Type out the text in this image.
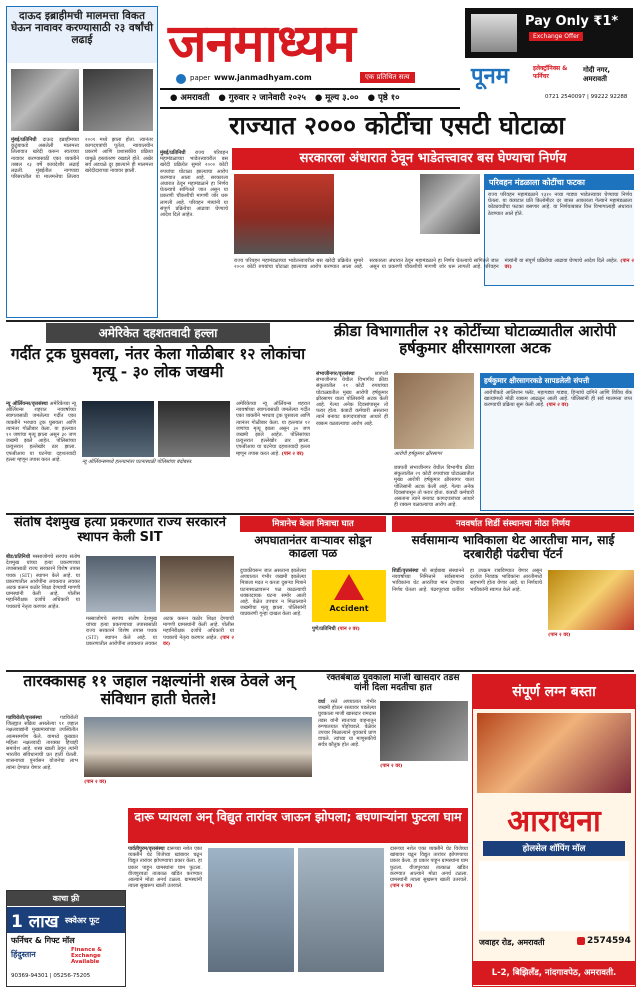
दाऊद इब्राहीमची मालमत्ता विकत घेऊन नावावर करण्यासाठी २३ वर्षांची लढाई
मुंबई/प्रतिनिधी दाऊद इब्राहीमच्या कुटुंबाकडे असलेली मालमत्ता लिलावात खरेदी करून स्वतःच्या नावावर करण्यासाठी एका व्यक्तीने तब्बल २३ वर्षे कायदेशीर लढाई लढली. मुंबईतील नागपाडा परिसरातील या मालमत्तेचा लिलाव २००१ मध्ये झाला होता. त्यानंतर कागदपत्रांची पूर्तता, न्यायालयीन प्रकरणे आणि प्रशासकीय प्रक्रिया यामुळे हस्तांतरण रखडले होते. अखेर सर्व अडथळे दूर झाल्याने ही मालमत्ता खरेदीदाराच्या नावावर झाली.
जनमाध्यम
paper www.janmadhyam.com	एक प्रतिथित सत्य
● अमरावती ● गुरुवार २ जानेवारी २०२५ ● मूल्य ३.०० ● पृष्ठे १०
Pay Only ₹1*
Exchange Offer
पूनम	इलेक्ट्रॉनिक्स & फर्निचर
गोदी नगर, अमरावती
0721 2540097 | 99222 92288
राज्यात २००० कोटींचा एसटी घोटाळा
सरकारला अंधारात ठेवून भाडेतत्त्वावर बस घेण्याचा निर्णय
मुंबई/प्रतिनिधी राज्य परिवहन महामंडळाच्या भाडेतत्त्वावरील बस खरेदी प्रक्रियेत सुमारे २००० कोटी रुपयांचा घोटाळा झाल्याचा आरोप करण्यात आला आहे. सरकारला अंधारात ठेवून महामंडळाने हा निर्णय घेतल्याचे सांगितले जात असून या प्रकरणी चौकशीची मागणी जोर धरू लागली आहे. परिवहन मंत्र्यांनी या संपूर्ण प्रक्रियेचा आढावा घेण्याचे आदेश दिले आहेत.
परिवहन मंडळाला कोटींचा फटका
राज्य परिवहन महामंडळाने १३१० नव्या गाड्या भाडेतत्त्वावर घेण्याचा निर्णय घेतला. या कंत्राटात प्रति किलोमीटर दर जास्त आकारला गेल्याने महामंडळाला कोट्यवधींचा फटका बसणार आहे. या निर्णयाबाबत वित्त विभागालाही अंधारात ठेवण्यात आले होते.
राज्य परिवहन महामंडळाच्या भाडेतत्त्वावरील बस खरेदी प्रक्रियेत सुमारे २००० कोटी रुपयांचा घोटाळा झाल्याचा आरोप करण्यात आला आहे. सरकारला अंधारात ठेवून महामंडळाने हा निर्णय घेतल्याचे सांगितले जात असून या प्रकरणी चौकशीची मागणी जोर धरू लागली आहे. परिवहन मंत्र्यांनी या संपूर्ण प्रक्रियेचा आढावा घेण्याचे आदेश दिले आहेत. (पान २ वर)
अमेरिकेत दहशतवादी हल्ला
गर्दीत ट्रक घुसवला, नंतर केला गोळीबार १२ लोकांचा मृत्यू - ३० लोक जखमी
न्यू ऑर्लियन्स/वृत्तसंस्था अमेरिकेच्या न्यू ऑर्लियन्स शहरात नववर्षाच्या स्वागतासाठी जमलेल्या गर्दीत एका व्यक्तीने भरधाव ट्रक घुसवला आणि त्यानंतर गोळीबार केला. या हल्ल्यात १२ जणांचा मृत्यू झाला असून ३० जण जखमी झाले आहेत. पोलिसांच्या प्रत्युत्तरात हल्लेखोर ठार झाला. एफबीआय या घटनेचा दहशतवादी हल्ला म्हणून तपास करत आहे.	न्यू ऑर्लियन्समध्ये हल्ल्यानंतर घटनास्थळी पोलिसांचा बंदोबस्त.
अमेरिकेच्या न्यू ऑर्लियन्स शहरात नववर्षाच्या स्वागतासाठी जमलेल्या गर्दीत एका व्यक्तीने भरधाव ट्रक घुसवला आणि त्यानंतर गोळीबार केला. या हल्ल्यात १२ जणांचा मृत्यू झाला असून ३० जण जखमी झाले आहेत. पोलिसांच्या प्रत्युत्तरात हल्लेखोर ठार झाला. एफबीआय या घटनेचा दहशतवादी हल्ला म्हणून तपास करत आहे. (पान २ वर)
क्रीडा विभागातील २१ कोटींच्या घोटाळ्यातील आरोपी हर्षकुमार क्षीरसागरला अटक
संभाजीनगर/वृत्तसंस्था	छत्रपती संभाजीनगर येथील विभागीय क्रीडा संकुलातील २१ कोटी रुपयांच्या घोटाळ्यातील मुख्य आरोपी हर्षकुमार क्षीरसागर याला पोलिसांनी अटक केली आहे. गेल्या अनेक दिवसांपासून तो फरार होता. कंत्राटी कर्मचारी असताना त्याने बनावट कागदपत्रांच्या आधारे ही रक्कम वळवल्याचा आरोप आहे.
आरोपी हर्षकुमार क्षीरसागर
छत्रपती संभाजीनगर येथील विभागीय क्रीडा संकुलातील २१ कोटी रुपयांच्या घोटाळ्यातील मुख्य आरोपी हर्षकुमार क्षीरसागर याला पोलिसांनी अटक केली आहे. गेल्या अनेक दिवसांपासून तो फरार होता. कंत्राटी कर्मचारी असताना त्याने बनावट कागदपत्रांच्या आधारे ही रक्कम वळवल्याचा आरोप आहे.
हर्षकुमार क्षीरसागरकडे सापडलेली संपत्ती
आरोपीकडे आलिशान फ्लॅट, महागड्या गाड्या, हिऱ्यांचे दागिने आणि विविध बँक खात्यांमध्ये मोठी रक्कम आढळून आली आहे. पोलिसांनी ही सर्व मालमत्ता जप्त करण्याची प्रक्रिया सुरू केली आहे. (पान २ वर)
संतोष देशमुख हत्या प्रकरणात राज्य सरकारने स्थापन केली SIT
बीड/प्रतिनिधी मस्साजोगचे सरपंच संतोष देशमुख यांच्या हत्या प्रकरणाच्या तपासासाठी राज्य सरकारने विशेष तपास पथक (SIT) स्थापन केले आहे. या प्रकरणातील आरोपींना लवकरात लवकर अटक करून कठोर शिक्षा देण्याची मागणी ग्रामस्थांनी केली आहे. पोलीस महानिरीक्षक दर्जाचे अधिकारी या पथकाचे नेतृत्व करणार आहेत.
मस्साजोगचे सरपंच संतोष देशमुख यांच्या हत्या प्रकरणाच्या तपासासाठी राज्य सरकारने विशेष तपास पथक (SIT) स्थापन केले आहे. या प्रकरणातील आरोपींना लवकरात लवकर अटक करून कठोर शिक्षा देण्याची मागणी ग्रामस्थांनी केली आहे. पोलीस महानिरीक्षक दर्जाचे अधिकारी या पथकाचे नेतृत्व करणार आहेत. (पान २ वर)
मित्रानेच केला मित्राचा घात
अपघातानंतर वाऱ्यावर सोडून काढला पळ
दुचाकीवरून जात असताना झालेल्या अपघातात गंभीर जखमी झालेल्या मित्राला मदत न करता दुसऱ्या मित्राने घटनास्थळावरून पळ काढल्याची धक्कादायक घटना समोर आली आहे. वेळेत उपचार न मिळाल्याने जखमीचा मृत्यू झाला. पोलिसांनी याप्रकरणी गुन्हा दाखल केला आहे.
Accident
पुणे/प्रतिनिधी (पान २ वर)
नववर्षात शिर्डी संस्थानचा मोठा निर्णय
सर्वसामान्य भाविकाला थेट आरतीचा मान, साई दरबारीही पंढरीचा पॅटर्न
शिर्डी/वृत्तसंस्था श्री साईबाबा संस्थानने नववर्षाच्या निमित्ताने सर्वसामान्य भाविकांना थेट आरतीचा मान देण्याचा निर्णय घेतला आहे. पंढरपूरच्या धर्तीवर हा उपक्रम राबविण्यात येणार असून दररोज निवडक भाविकांना आरतीमध्ये सहभागी होता येणार आहे. या निर्णयाचे भाविकांनी स्वागत केले आहे.
(पान २ वर)
तारक्कासह ११ जहाल नक्षल्यांनी शस्त्र ठेवले अन् संविधान हाती घेतले!
गडचिरोली/वृत्तसंस्था	गडचिरोली जिल्ह्यात सक्रिय असलेल्या ११ जहाल नक्षलवाद्यांनी मुख्यमंत्र्यांच्या उपस्थितीत आत्मसमर्पण केले. यामध्ये कुख्यात महिला नक्षलवादी तारक्का हिचाही समावेश आहे. शस्त्र खाली ठेवून त्यांनी भारतीय संविधानाची प्रत हाती घेतली. शासनाच्या पुनर्वसन योजनेचा लाभ त्यांना देण्यात येणार आहे.
(पान २ वर)
रक्तबंबाळ युवकाला माजी खासदार तडस यांनी दिला मदतीचा हात
वर्धा रस्ते अपघातात गंभीर जखमी होऊन रस्त्यावर पडलेल्या युवकाला माजी खासदार रामदास तडस यांनी स्वतःच्या वाहनातून रुग्णालयात पोहोचवले. वेळेवर उपचार मिळाल्याने युवकाचे प्राण वाचले. त्यांच्या या माणुसकीचे सर्वत्र कौतुक होत आहे.
(पान २ वर)
दारू प्यायला अन् विद्युत तारांवर जाऊन झोपला; बघणाऱ्यांना फुटला घाम
पार्वतीपुरम/वृत्तसंस्था दारूच्या नशेत एका व्यक्तीने थेट विजेच्या खांबावर चढून विद्युत तारांवर झोपण्याचा प्रकार केला. हा प्रकार पाहून ग्रामस्थांना घाम फुटला. वीजपुरवठा तात्काळ खंडित करण्यात आल्याने मोठा अनर्थ टळला. ग्रामस्थांनी त्याला सुखरूप खाली उतरवले.
दारूच्या नशेत एका व्यक्तीने थेट विजेच्या खांबावर चढून विद्युत तारांवर झोपण्याचा प्रकार केला. हा प्रकार पाहून ग्रामस्थांना घाम फुटला. वीजपुरवठा तात्काळ खंडित करण्यात आल्याने मोठा अनर्थ टळला. ग्रामस्थांनी त्याला सुखरूप खाली उतरवले. (पान २ वर)
काचा फ़्री
1 लाख स्क्वेअर फूट
फर्निचर & गिफ्ट मॉल
Finance & Exchange Available
हिंदुस्तान
90369-94301 | 05256-75205
संपूर्ण लग्न बस्ता
आराधना
होलसेल शॉपिंग मॉल
जवाहर रोड, अमरावती	2574594
L-2, बिझिलँड, नांदगावपेठ, अमरावती.
